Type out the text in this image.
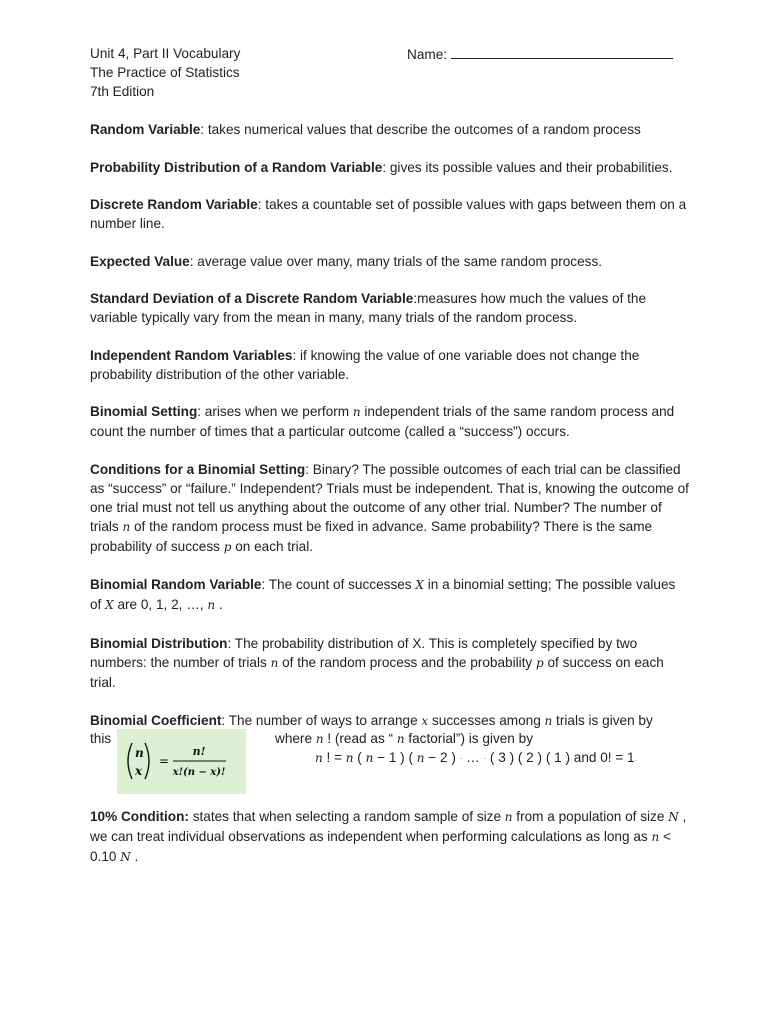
Unit 4, Part II Vocabulary
The Practice of Statistics
7th Edition
Name:

Random Variable: takes numerical values that describe the outcomes of a random process

Probability Distribution of a Random Variable: gives its possible values and their probabilities.

Discrete Random Variable: takes a countable set of possible values with gaps between them on a number line.

Expected Value: average value over many, many trials of the same random process.

Standard Deviation of a Discrete Random Variable:measures how much the values of the variable typically vary from the mean in many, many trials of the random process.

Independent Random Variables: if knowing the value of one variable does not change the probability distribution of the other variable.

Binomial Setting: arises when we perform n independent trials of the same random process and count the number of times that a particular outcome (called a “success”) occurs.

Conditions for a Binomial Setting: Binary? The possible outcomes of each trial can be classified as “success” or “failure.” Independent? Trials must be independent. That is, knowing the outcome of one trial must not tell us anything about the outcome of any other trial. Number? The number of trials n of the random process must be fixed in advance. Same probability? There is the same probability of success p on each trial.

Binomial Random Variable: The count of successes X in a binomial setting; The possible values of X are 0, 1, 2, …, n .

Binomial Distribution: The probability distribution of X. This is completely specified by two numbers: the number of trials n of the random process and the probability p of success on each trial.

Binomial Coefficient: The number of ways to arrange x successes among n trials is given by

this
n
x
=
n!
x!(n − x)!
where n ! (read as “ n factorial”) is given by
n ! = n ( n − 1 ) ( n − 2 ) · … · ( 3 ) ( 2 ) ( 1 ) and 0! = 1.

10% Condition: states that when selecting a random sample of size n from a population of size N , we can treat individual observations as independent when performing calculations as long as n < 0.10 N .
